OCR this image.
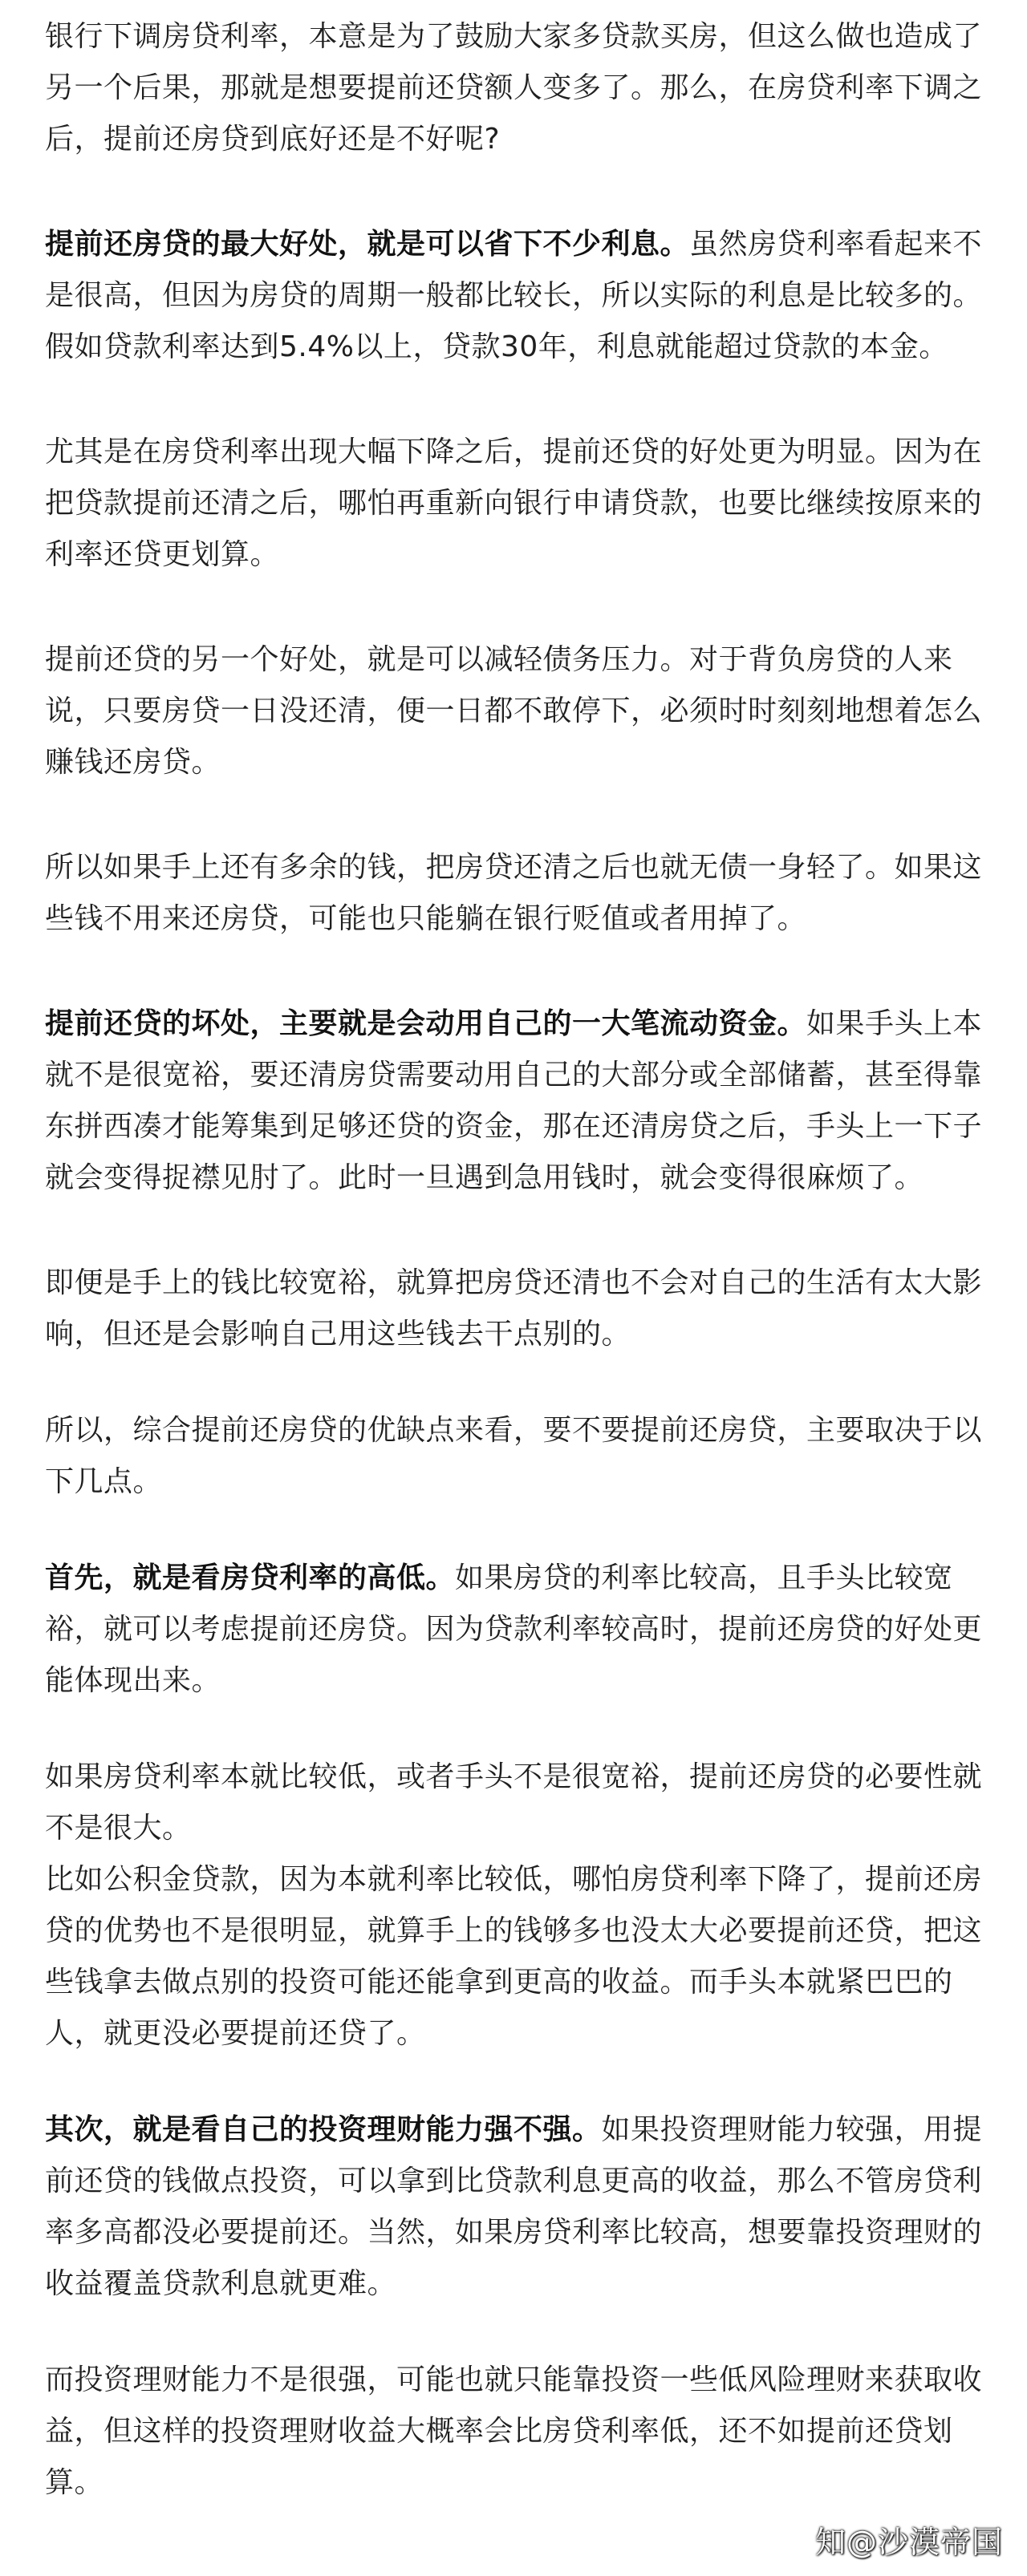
银行下调房贷利率，本意是为了鼓励大家多贷款买房，但这么做也造成了另一个后果，那就是想要提前还贷额人变多了。那么，在房贷利率下调之后，提前还房贷到底好还是不好呢?

提前还房贷的最大好处，就是可以省下不少利息。虽然房贷利率看起来不是很高，但因为房贷的周期一般都比较长，所以实际的利息是比较多的。假如贷款利率达到5.4%以上，贷款30年，利息就能超过贷款的本金。

尤其是在房贷利率出现大幅下降之后，提前还贷的好处更为明显。因为在把贷款提前还清之后，哪怕再重新向银行申请贷款，也要比继续按原来的利率还贷更划算。

提前还贷的另一个好处，就是可以减轻债务压力。对于背负房贷的人来说，只要房贷一日没还清，便一日都不敢停下，必须时时刻刻地想着怎么赚钱还房贷。

所以如果手上还有多余的钱，把房贷还清之后也就无债一身轻了。如果这些钱不用来还房贷，可能也只能躺在银行贬值或者用掉了。

提前还贷的坏处，主要就是会动用自己的一大笔流动资金。如果手头上本就不是很宽裕，要还清房贷需要动用自己的大部分或全部储蓄，甚至得靠东拼西凑才能筹集到足够还贷的资金，那在还清房贷之后，手头上一下子就会变得捉襟见肘了。此时一旦遇到急用钱时，就会变得很麻烦了。

即便是手上的钱比较宽裕，就算把房贷还清也不会对自己的生活有太大影响，但还是会影响自己用这些钱去干点别的。

所以，综合提前还房贷的优缺点来看，要不要提前还房贷，主要取决于以下几点。

首先，就是看房贷利率的高低。如果房贷的利率比较高，且手头比较宽裕，就可以考虑提前还房贷。因为贷款利率较高时，提前还房贷的好处更能体现出来。

如果房贷利率本就比较低，或者手头不是很宽裕，提前还房贷的必要性就不是很大。

比如公积金贷款，因为本就利率比较低，哪怕房贷利率下降了，提前还房贷的优势也不是很明显，就算手上的钱够多也没太大必要提前还贷，把这些钱拿去做点别的投资可能还能拿到更高的收益。而手头本就紧巴巴的人，就更没必要提前还贷了。

其次，就是看自己的投资理财能力强不强。如果投资理财能力较强，用提前还贷的钱做点投资，可以拿到比贷款利息更高的收益，那么不管房贷利率多高都没必要提前还。当然，如果房贷利率比较高，想要靠投资理财的收益覆盖贷款利息就更难。

而投资理财能力不是很强，可能也就只能靠投资一些低风险理财来获取收益，但这样的投资理财收益大概率会比房贷利率低，还不如提前还贷划算。

知@沙漠帝国
